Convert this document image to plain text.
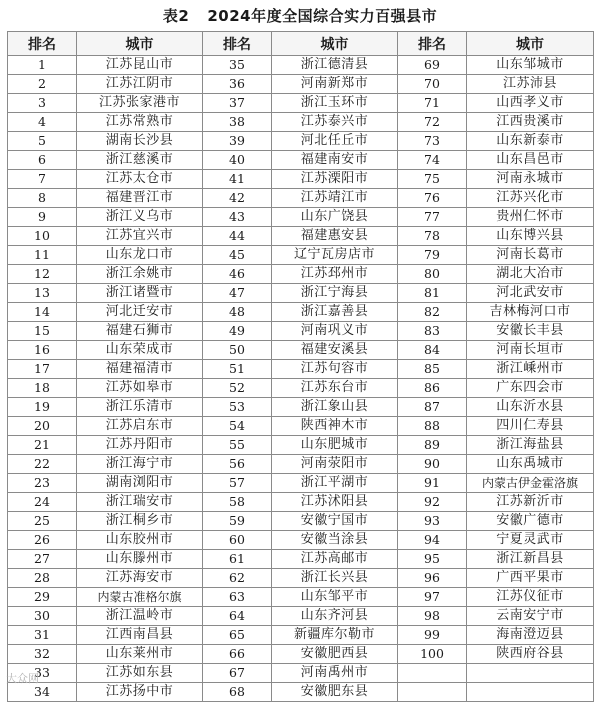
表2 2024年度全国综合实力百强县市
排名	城市	排名	城市	排名	城市
1	江苏昆山市	35	浙江德清县	69	山东邹城市
2	江苏江阴市	36	河南新郑市	70	江苏沛县
3	江苏张家港市	37	浙江玉环市	71	山西孝义市
4	江苏常熟市	38	江苏泰兴市	72	江西贵溪市
5	湖南长沙县	39	河北任丘市	73	山东新泰市
6	浙江慈溪市	40	福建南安市	74	山东昌邑市
7	江苏太仓市	41	江苏溧阳市	75	河南永城市
8	福建晋江市	42	江苏靖江市	76	江苏兴化市
9	浙江义乌市	43	山东广饶县	77	贵州仁怀市
10	江苏宜兴市	44	福建惠安县	78	山东博兴县
11	山东龙口市	45	辽宁瓦房店市	79	河南长葛市
12	浙江余姚市	46	江苏邳州市	80	湖北大冶市
13	浙江诸暨市	47	浙江宁海县	81	河北武安市
14	河北迁安市	48	浙江嘉善县	82	吉林梅河口市
15	福建石狮市	49	河南巩义市	83	安徽长丰县
16	山东荣成市	50	福建安溪县	84	河南长垣市
17	福建福清市	51	江苏句容市	85	浙江嵊州市
18	江苏如皋市	52	江苏东台市	86	广东四会市
19	浙江乐清市	53	浙江象山县	87	山东沂水县
20	江苏启东市	54	陕西神木市	88	四川仁寿县
21	江苏丹阳市	55	山东肥城市	89	浙江海盐县
22	浙江海宁市	56	河南荥阳市	90	山东禹城市
23	湖南浏阳市	57	浙江平湖市	91	内蒙古伊金霍洛旗
24	浙江瑞安市	58	江苏沭阳县	92	江苏新沂市
25	浙江桐乡市	59	安徽宁国市	93	安徽广德市
26	山东胶州市	60	安徽当涂县	94	宁夏灵武市
27	山东滕州市	61	江苏高邮市	95	浙江新昌县
28	江苏海安市	62	浙江长兴县	96	广西平果市
29	内蒙古准格尔旗	63	山东邹平市	97	江苏仪征市
30	浙江温岭市	64	山东齐河县	98	云南安宁市
31	江西南昌县	65	新疆库尔勒市	99	海南澄迈县
32	山东莱州市	66	安徽肥西县	100	陕西府谷县
33	江苏如东县	67	河南禹州市		
34	江苏扬中市	68	安徽肥东县		
大众网
